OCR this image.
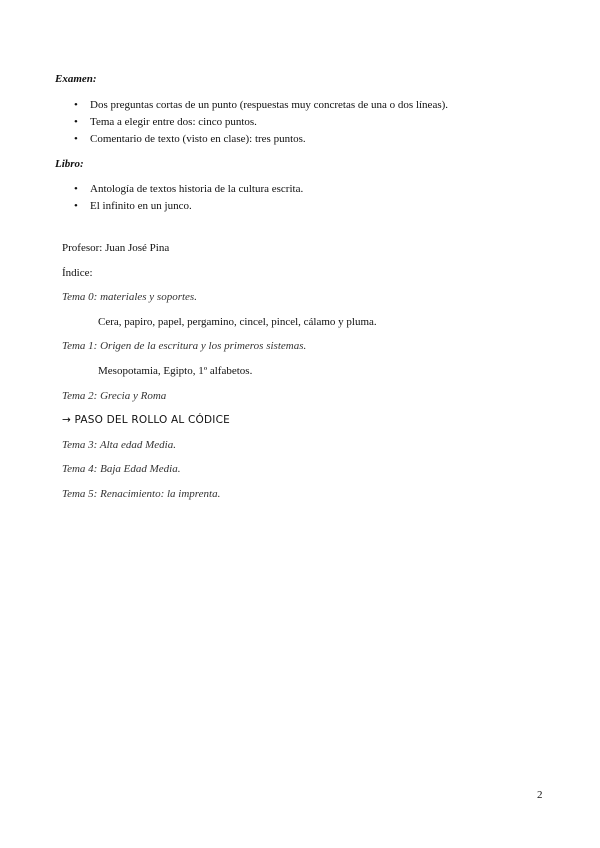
Examen:
• Dos preguntas cortas de un punto (respuestas muy concretas de una o dos líneas).
• Tema a elegir entre dos: cinco puntos.
• Comentario de texto (visto en clase): tres puntos.
Libro:
• Antología de textos historia de la cultura escrita.
• El infinito en un junco.
Profesor: Juan José Pina
Índice:
Tema 0: materiales y soportes.
Cera, papiro, papel, pergamino, cincel, pincel, cálamo y pluma.
Tema 1: Origen de la escritura y los primeros sistemas.
Mesopotamia, Egipto, 1º alfabetos.
Tema 2: Grecia y Roma
→ PASO DEL ROLLO AL CÓDICE
Tema 3: Alta edad Media.
Tema 4: Baja Edad Media.
Tema 5: Renacimiento: la imprenta.
2
